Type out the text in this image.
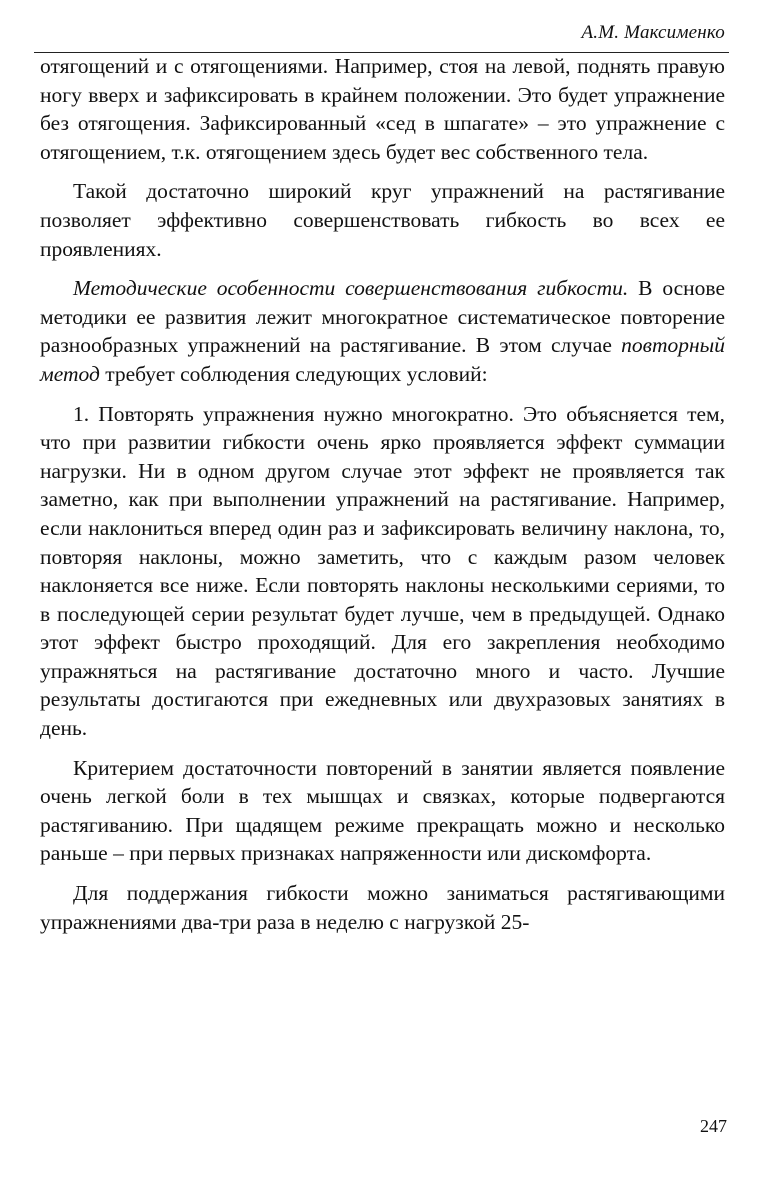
А.М. Максименко

отягощений и с отягощениями. Например, стоя на левой, поднять правую ногу вверх и зафиксировать в крайнем положении. Это будет упражнение без отягощения. Зафиксированный «сед в шпагате» – это упражнение с отягощением, т.к. отягощением здесь будет вес собственного тела.

Такой достаточно широкий круг упражнений на растягивание позволяет эффективно совершенствовать гибкость во всех ее проявлениях.

Методические особенности совершенствования гибкости. В основе методики ее развития лежит многократное систематическое повторение разнообразных упражнений на растягивание. В этом случае повторный метод требует соблюдения следующих условий:

1. Повторять упражнения нужно многократно. Это объясняется тем, что при развитии гибкости очень ярко проявляется эффект суммации нагрузки. Ни в одном другом случае этот эффект не проявляется так заметно, как при выполнении упражнений на растягивание. Например, если наклониться вперед один раз и зафиксировать величину наклона, то, повторяя наклоны, можно заметить, что с каждым разом человек наклоняется все ниже. Если повторять наклоны несколькими сериями, то в последующей серии результат будет лучше, чем в предыдущей. Однако этот эффект быстро проходящий. Для его закрепления необходимо упражняться на растягивание достаточно много и часто. Лучшие результаты достигаются при ежедневных или двухразовых занятиях в день.

Критерием достаточности повторений в занятии является появление очень легкой боли в тех мышцах и связках, которые подвергаются растягиванию. При щадящем режиме прекращать можно и несколько раньше – при первых признаках напряженности или дискомфорта.

Для поддержания гибкости можно заниматься растягивающими упражнениями два-три раза в неделю с нагрузкой 25-

247
